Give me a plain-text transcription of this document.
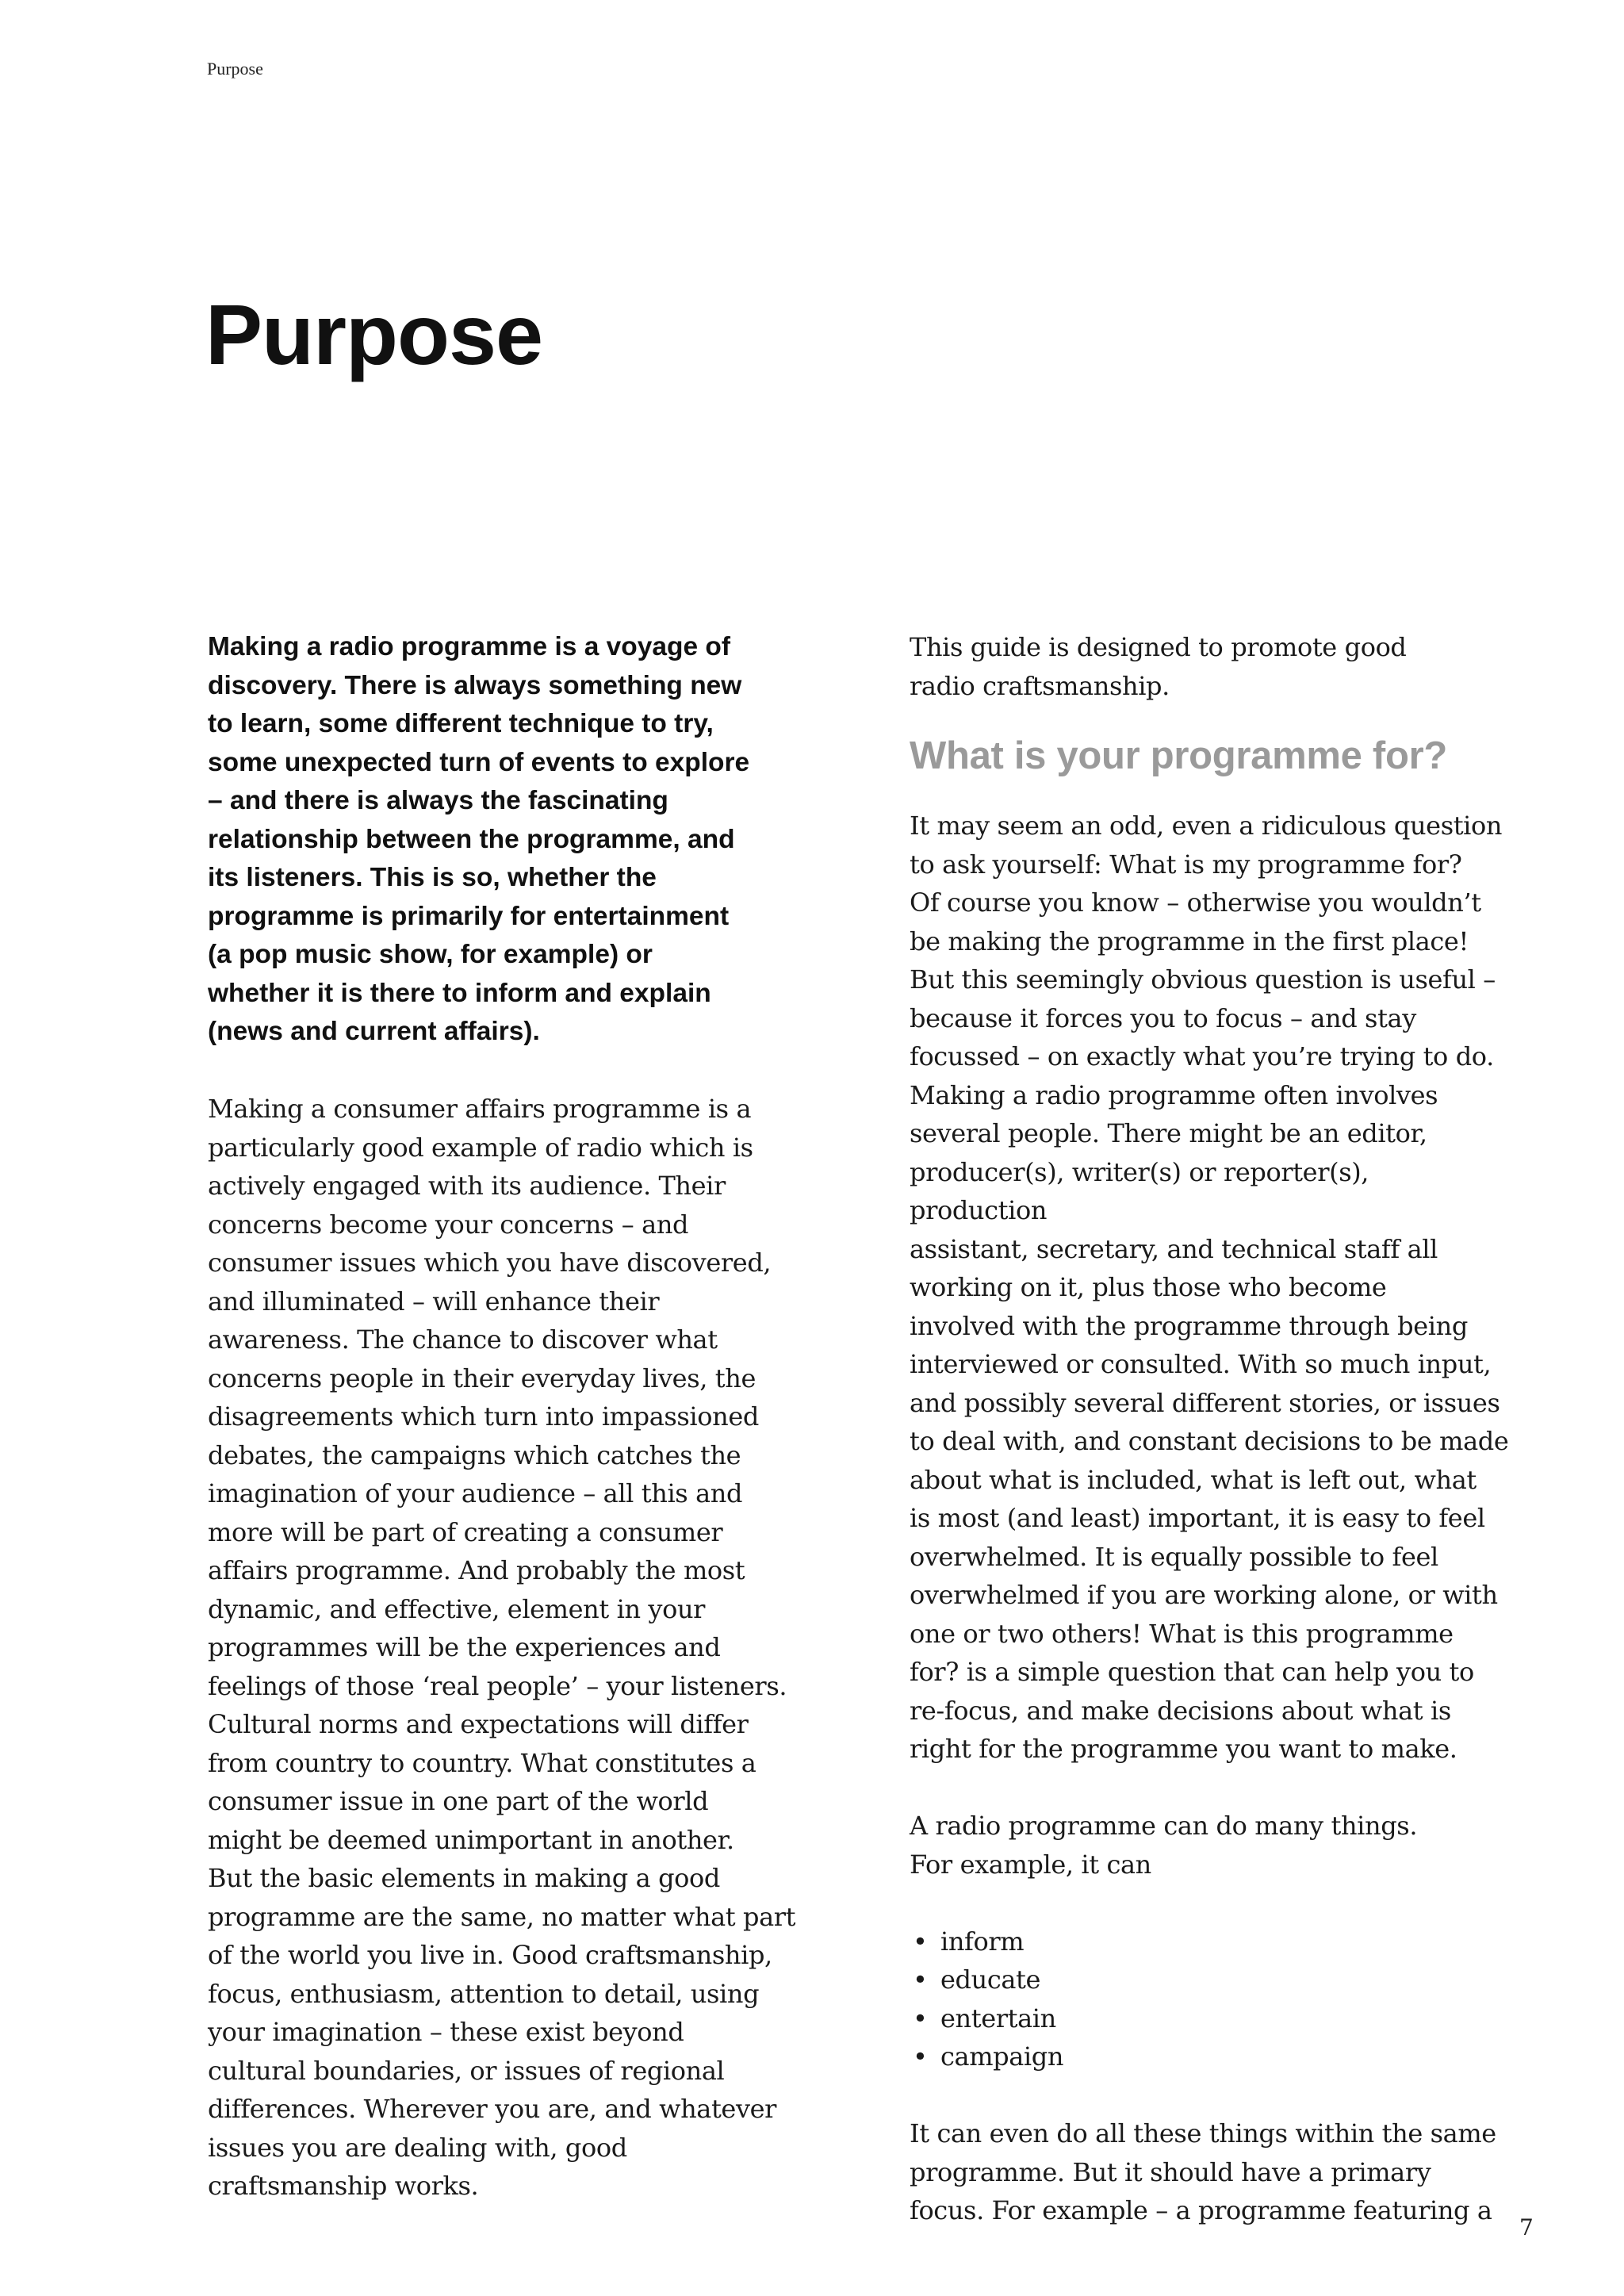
Purpose
Purpose

Making a radio programme is a voyage of
discovery. There is always something new
to learn, some different technique to try,
some unexpected turn of events to explore
– and there is always the fascinating
relationship between the programme, and
its listeners. This is so, whether the
programme is primarily for entertainment
(a pop music show, for example) or
whether it is there to inform and explain
(news and current affairs).

Making a consumer affairs programme is a
particularly good example of radio which is
actively engaged with its audience. Their
concerns become your concerns – and
consumer issues which you have discovered,
and illuminated – will enhance their
awareness. The chance to discover what
concerns people in their everyday lives, the
disagreements which turn into impassioned
debates, the campaigns which catches the
imagination of your audience – all this and
more will be part of creating a consumer
affairs programme. And probably the most
dynamic, and effective, element in your
programmes will be the experiences and
feelings of those ‘real people’ – your listeners.
Cultural norms and expectations will differ
from country to country. What constitutes a
consumer issue in one part of the world
might be deemed unimportant in another.
But the basic elements in making a good
programme are the same, no matter what part
of the world you live in. Good craftsmanship,
focus, enthusiasm, attention to detail, using
your imagination – these exist beyond
cultural boundaries, or issues of regional
differences. Wherever you are, and whatever
issues you are dealing with, good
craftsmanship works.

This guide is designed to promote good
radio craftsmanship.

What is your programme for?

It may seem an odd, even a ridiculous question
to ask yourself: What is my programme for?
Of course you know – otherwise you wouldn’t
be making the programme in the first place!
But this seemingly obvious question is useful –
because it forces you to focus – and stay
focussed – on exactly what you’re trying to do.
Making a radio programme often involves
several people. There might be an editor,
producer(s), writer(s) or reporter(s), production
assistant, secretary, and technical staff all
working on it, plus those who become
involved with the programme through being
interviewed or consulted. With so much input,
and possibly several different stories, or issues
to deal with, and constant decisions to be made
about what is included, what is left out, what
is most (and least) important, it is easy to feel
overwhelmed. It is equally possible to feel
overwhelmed if you are working alone, or with
one or two others! What is this programme
for? is a simple question that can help you to
re-focus, and make decisions about what is
right for the programme you want to make.

A radio programme can do many things.
For example, it can

• inform
• educate
• entertain
• campaign

It can even do all these things within the same
programme. But it should have a primary
focus. For example – a programme featuring a

7
